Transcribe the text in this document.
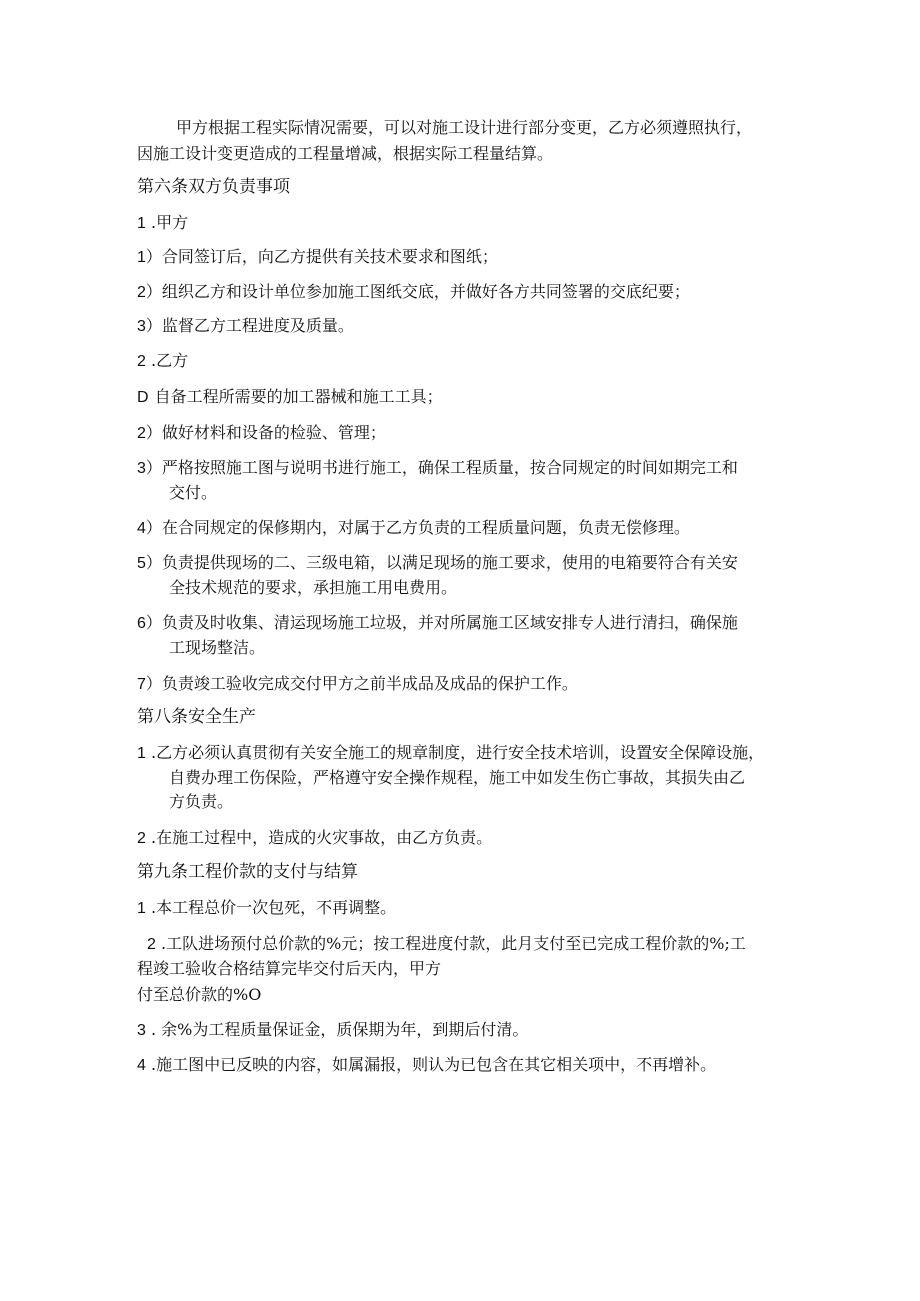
甲方根据工程实际情况需要，可以对施工设计进行部分变更，乙方必须遵照执行，
因施工设计变更造成的工程量增减，根据实际工程量结算。
第六条双方负责事项
1 .甲方
1）合同签订后，向乙方提供有关技术要求和图纸；
2）组织乙方和设计单位参加施工图纸交底，并做好各方共同签署的交底纪要；
3）监督乙方工程进度及质量。
2 .乙方
D 自备工程所需要的加工器械和施工工具；
2）做好材料和设备的检验、管理；
3）严格按照施工图与说明书进行施工，确保工程质量，按合同规定的时间如期完工和
交付。
4）在合同规定的保修期内，对属于乙方负责的工程质量问题，负责无偿修理。
5）负责提供现场的二、三级电箱，以满足现场的施工要求，使用的电箱要符合有关安
全技术规范的要求，承担施工用电费用。
6）负责及时收集、清运现场施工垃圾，并对所属施工区域安排专人进行清扫，确保施
工现场整洁。
7）负责竣工验收完成交付甲方之前半成品及成品的保护工作。
第八条安全生产
1 .乙方必须认真贯彻有关安全施工的规章制度，进行安全技术培训，设置安全保障设施，
自费办理工伤保险，严格遵守安全操作规程，施工中如发生伤亡事故，其损失由乙
方负责。
2 .在施工过程中，造成的火灾事故，由乙方负责。
第九条工程价款的支付与结算
1 .本工程总价一次包死，不再调整。
2 .工队进场预付总价款的%元；按工程进度付款，此月支付至已完成工程价款的%;工
程竣工验收合格结算完毕交付后天内，甲方
付至总价款的%O
3 . 余%为工程质量保证金，质保期为年，到期后付清。
4 .施工图中已反映的内容，如属漏报，则认为已包含在其它相关项中，不再增补。
